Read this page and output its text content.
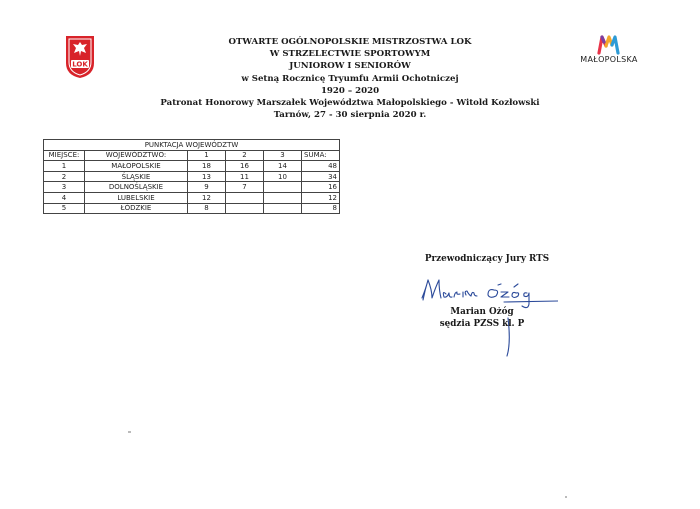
LOK
MAŁOPOLSKA
OTWARTE OGÓLNOPOLSKIE MISTRZOSTWA LOK
W STRZELECTWIE SPORTOWYM
JUNIOROW I SENIORÓW
w Setną Rocznicę Tryumfu Armii Ochotniczej
1920 – 2020
Patronat Honorowy Marszałek Województwa Małopolskiego - Witold Kozłowski
Tarnów, 27 - 30 sierpnia 2020 r.
PUNKTACJA WOJEWÓDZTW					
MIEJSCE:	WOJEWÓDZTWO:	1	2	3	SUMA:
1	MAŁOPOLSKIE	18	16	14	48
2	ŚLĄSKIE	13	11	10	34
3	DOLNOŚLĄSKIE	9	7		16
4	LUBELSKIE	12			12
5	ŁÓDZKIE	8			8
Przewodniczący Jury RTS
Marian Ożóg
sędzia PZSS kl. P
